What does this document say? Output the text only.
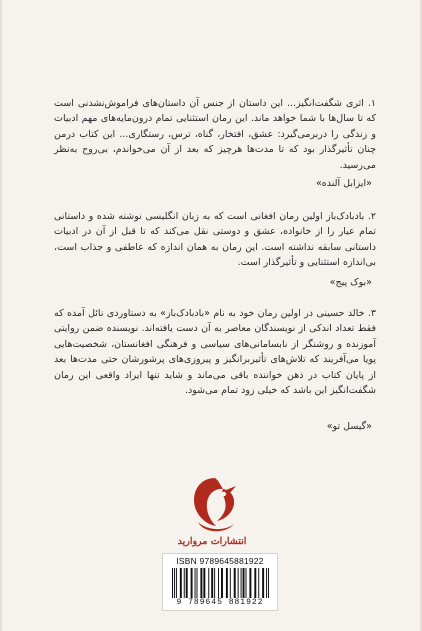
۱. اثری شگفت‌انگیز... این داستان از جنس آن داستان‌های فراموش‌نشدنی است که تا سال‌ها با شما خواهد ماند. این رمان استثنایی تمام درون‌مایه‌های مهم ادبیات و زندگی را دربرمی‌گیرد: عشق، افتخار، گناه، ترس، رستگاری... این کتاب درمن چنان تأثیرگذار بود که تا مدت‌ها هرچیز که بعد از آن می‌خواندم، بی‌روح به‌نظر می‌رسید.

«ایزابل آلنده»

۲. بادبادک‌باز اولین رمان افغانی است که به زبان انگلیسی نوشته شده و داستانی تمام عیار را از خانواده، عشق و دوستی نقل می‌کند که تا قبل از آن در ادبیات داستانی سابقه نداشته است. این رمان به همان اندازه که عاطفی و جذاب است، بی‌اندازه استثنایی و تأثیرگذار است.

«بوک پیج»

۳. خالد حسینی در اولین رمان خود به نام «بادبادک‌باز» به دستاوردی نائل آمده که فقط تعداد اندکی از نویسندگان معاصر به آن دست یافته‌اند. نویسنده ضمن روایتی آموزنده و روشنگر از نابسامانی‌های سیاسی و فرهنگی افغانستان، شخصیت‌هایی پویا می‌آفریند که تلاش‌های تأثیربرانگیز و پیروزی‌های پرشورشان حتی مدت‌ها بعد از پایان کتاب در ذهن خواننده باقی می‌ماند و شاید تنها ایراد واقعی این رمان شگفت‌انگیز این باشد که خیلی زود تمام می‌شود.

«گیسل تو»
انتشارات مروارید
ISBN 9789645881922
9 789645 881922
